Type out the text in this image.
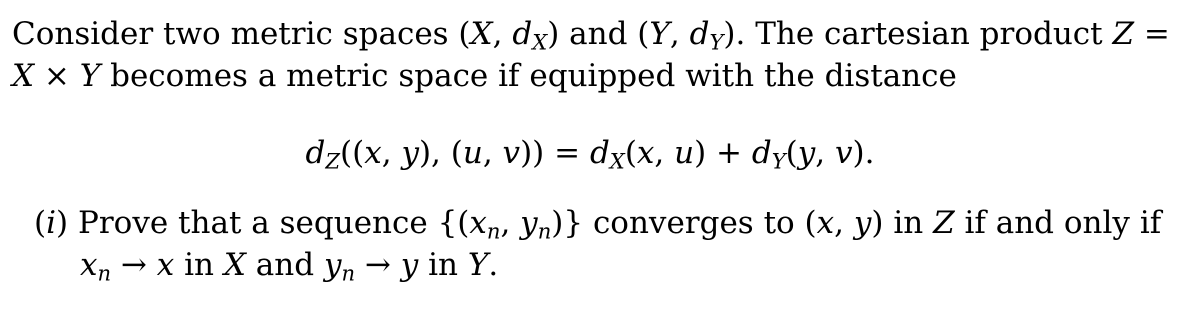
Consider two metric spaces (X, $d_X$) and (Y, $d_Y$). The cartesian product Z =
X × Y becomes a metric space if equipped with the distance
$d_Z((x$, y), (u, $v)) = d_X(x$, $u) + d_Y(y$, v).
(i) Prove that a sequence {($x_n$, $y_n$)} converges to (x, y) in Z if and only if
$x_n \to x$ in X and $y_n \to y$ in Y.
